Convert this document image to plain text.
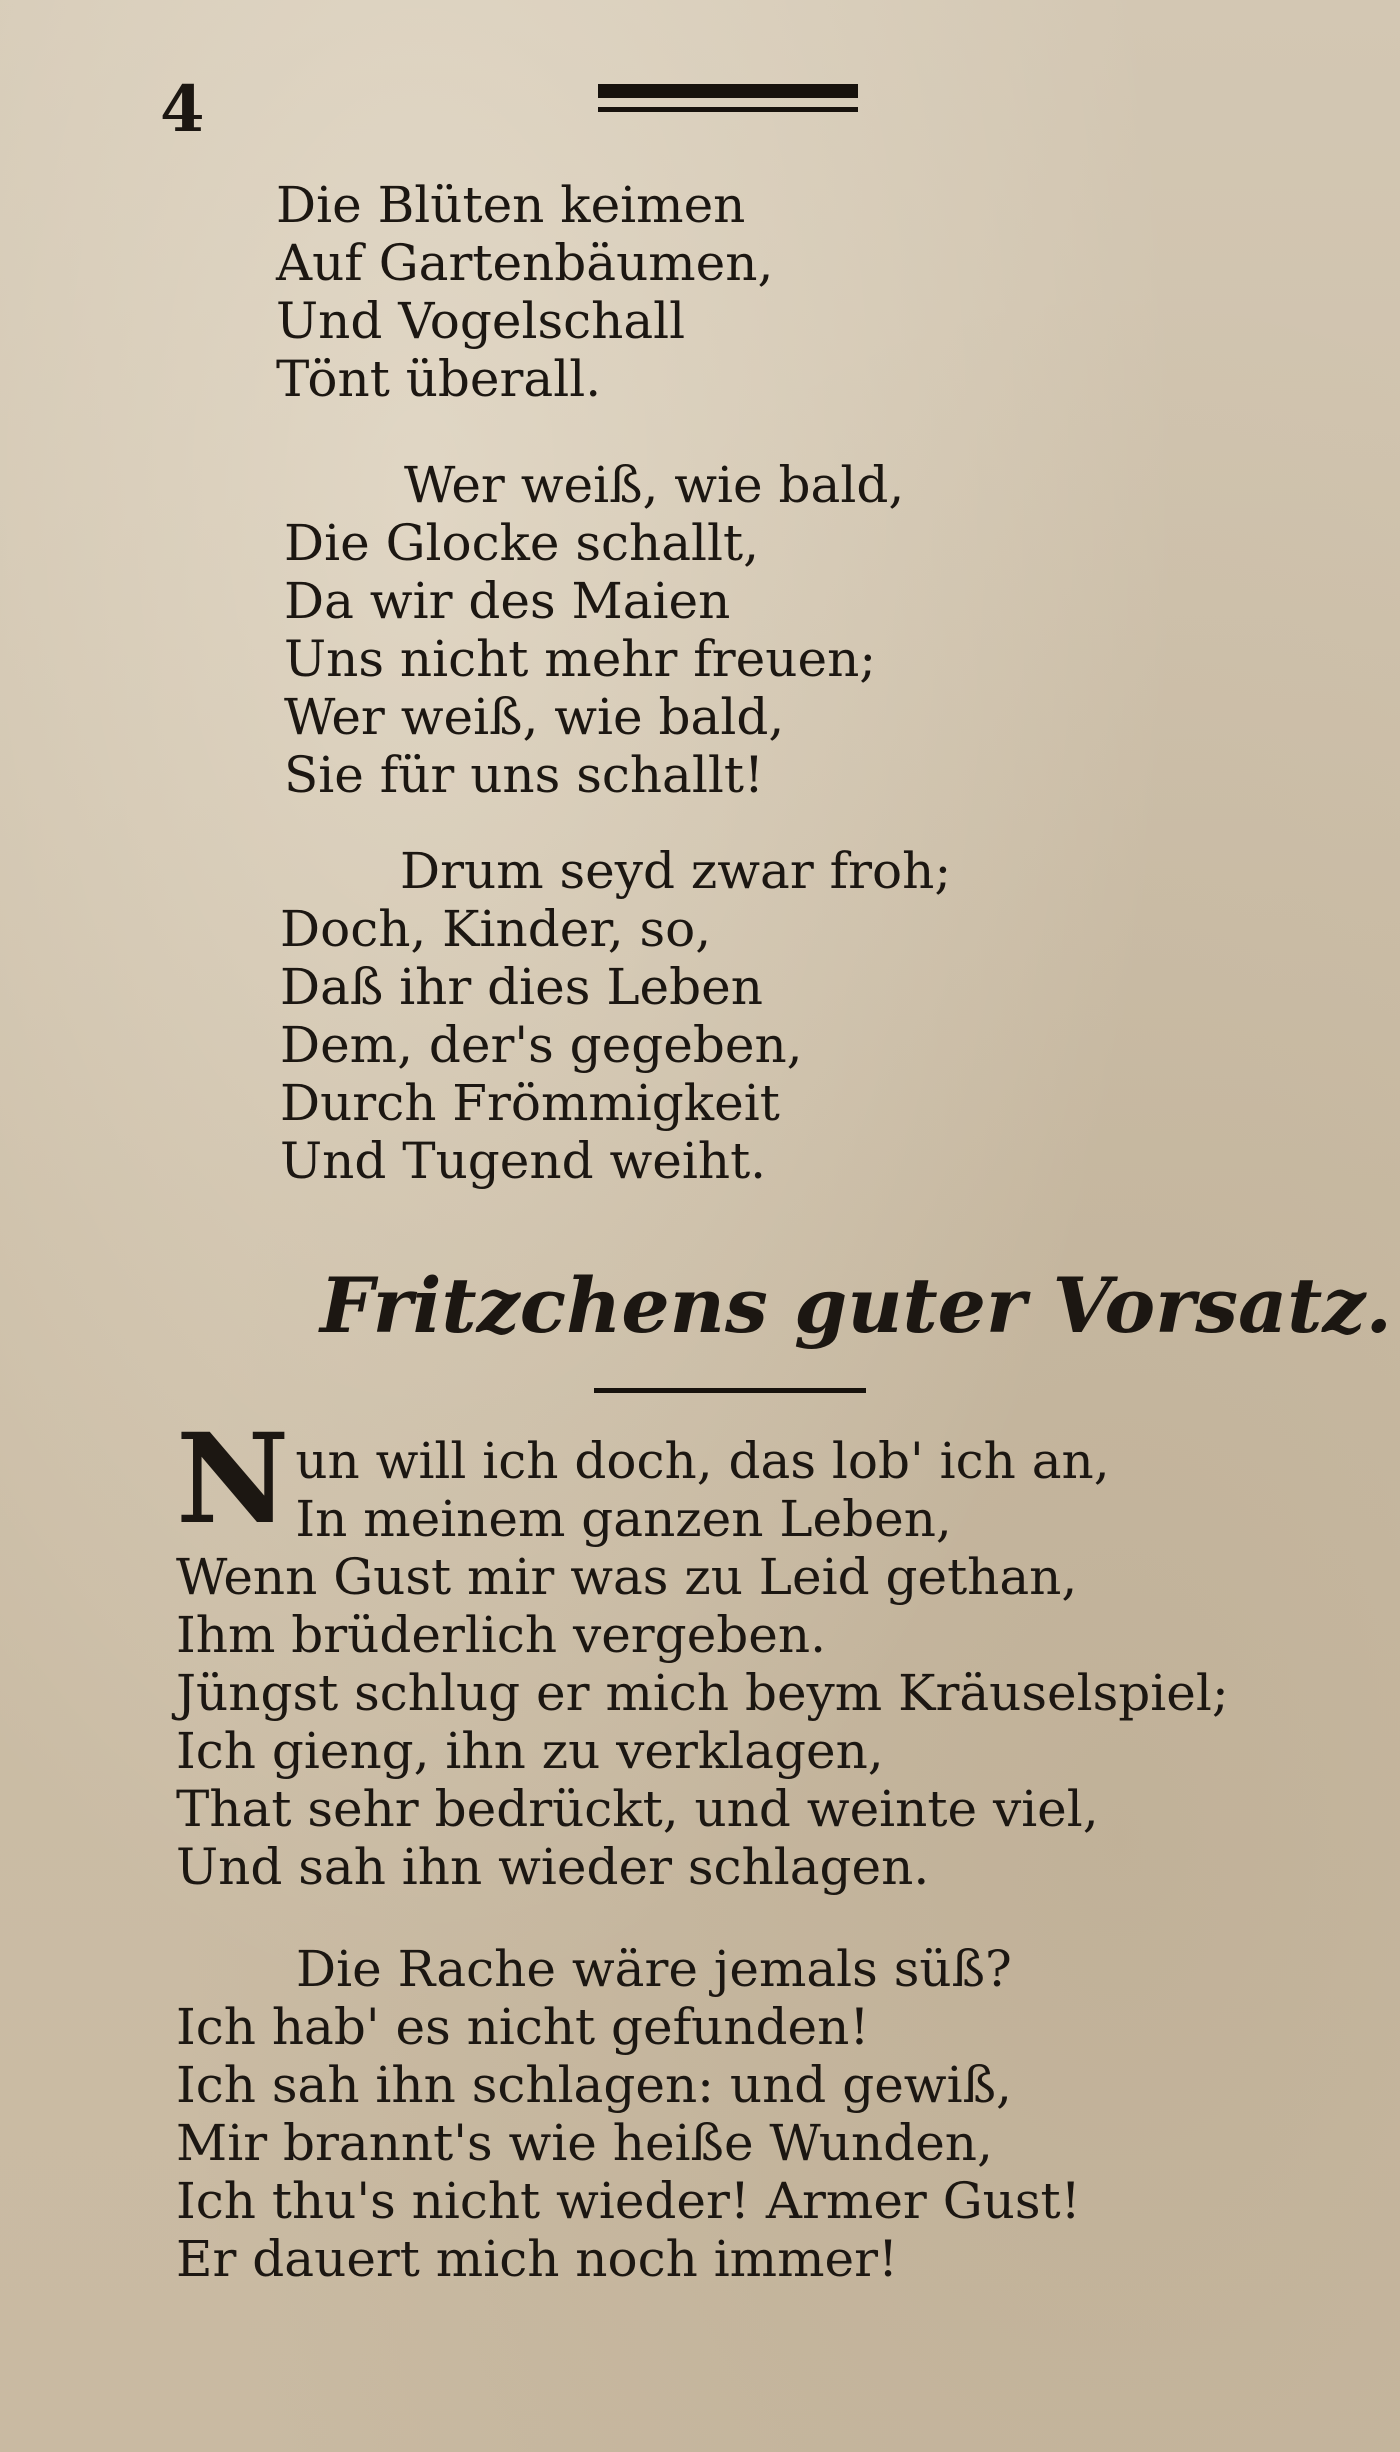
4
Die Blüten keimen
Auf Gartenbäumen,
Und Vogelschall
Tönt überall.
Wer weiß, wie bald,
Die Glocke schallt,
Da wir des Maien
Uns nicht mehr freuen;
Wer weiß, wie bald,
Sie für uns schallt!
Drum seyd zwar froh;
Doch, Kinder, so,
Daß ihr dies Leben
Dem, der's gegeben,
Durch Frömmigkeit
Und Tugend weiht.
Fritzchens guter Vorsatz.
Nun will ich doch, das lob' ich an,
In meinem ganzen Leben,
Wenn Gust mir was zu Leid gethan,
Ihm brüderlich vergeben.
Jüngst schlug er mich beym Kräuselspiel;
Ich gieng, ihn zu verklagen,
That sehr bedrückt, und weinte viel,
Und sah ihn wieder schlagen.
Die Rache wäre jemals süß?
Ich hab' es nicht gefunden!
Ich sah ihn schlagen: und gewiß,
Mir brannt's wie heiße Wunden,
Ich thu's nicht wieder! Armer Gust!
Er dauert mich noch immer!
